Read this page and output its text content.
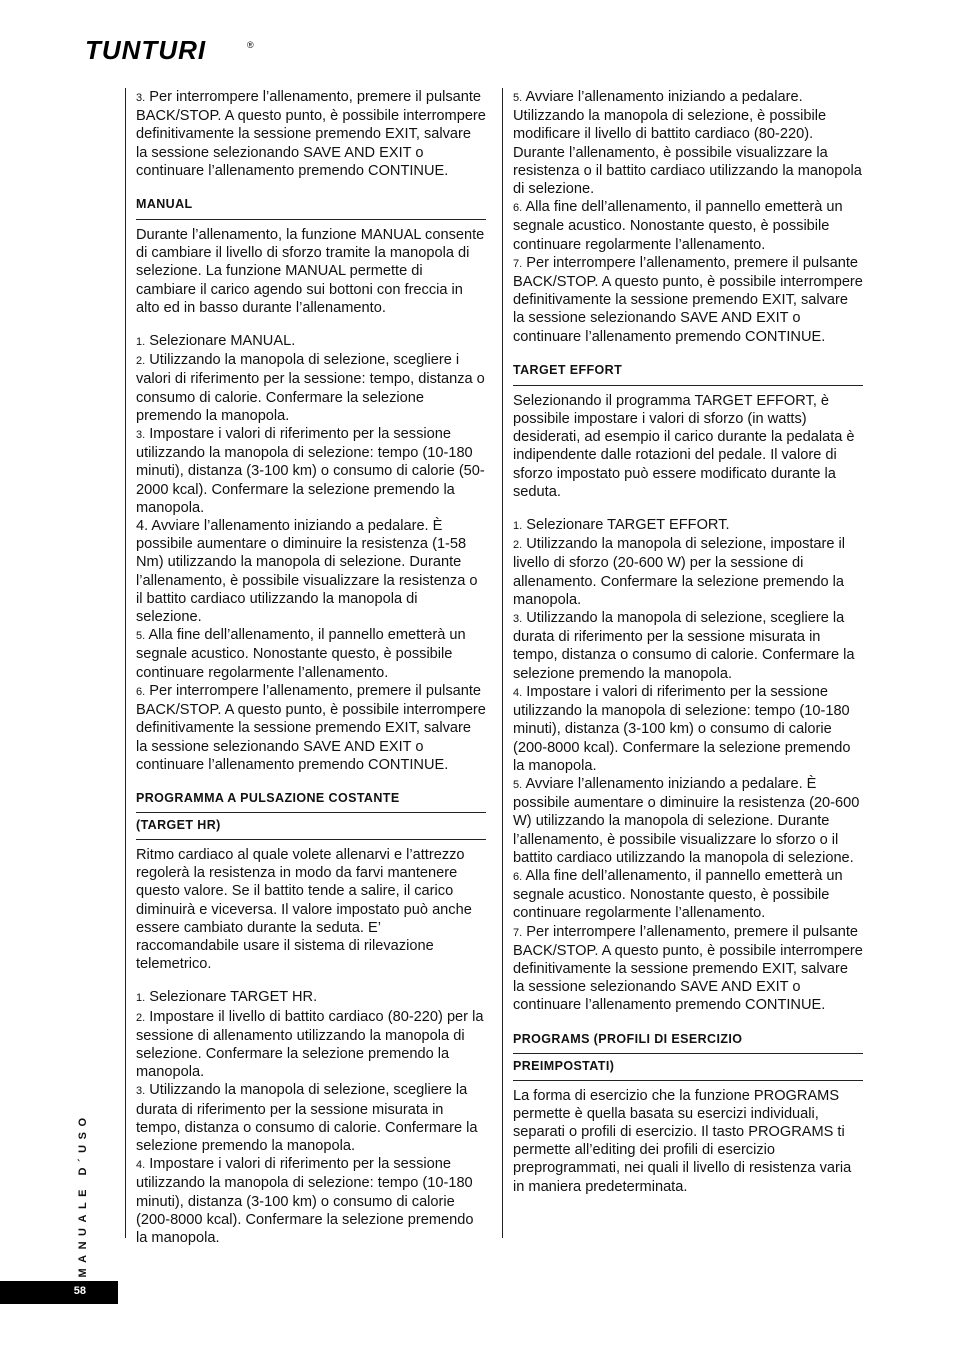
TUNTURI	®

3. Per interrompere l’allenamento, premere il pulsante BACK/STOP. A questo punto, è possibile interrompere definitivamente la sessione premendo EXIT, salvare la sessione selezionando SAVE AND EXIT o continuare l’allenamento premendo CONTINUE.

MANUAL

Durante l’allenamento, la funzione MANUAL consente di cambiare il livello di sforzo tramite la manopola di selezione. La funzione MANUAL permette di cambiare il carico agendo sui bottoni con freccia in alto ed in basso durante l’allenamento.

1. Selezionare MANUAL.

2. Utilizzando la manopola di selezione, scegliere i valori di riferimento per la sessione: tempo, distanza o consumo di calorie. Confermare la selezione premendo la manopola.

3. Impostare i valori di riferimento per la sessione utilizzando la manopola di selezione: tempo (10-180 minuti), distanza (3-100 km) o consumo di calorie (50-2000 kcal). Confermare la selezione premendo la manopola.

4. Avviare l’allenamento iniziando a pedalare. È possibile aumentare o diminuire la resistenza (1-58 Nm) utilizzando la manopola di selezione. Durante l’allenamento, è possibile visualizzare la resistenza o il battito cardiaco utilizzando la manopola di selezione.

5. Alla fine dell’allenamento, il pannello emetterà un segnale acustico. Nonostante questo, è possibile continuare regolarmente l’allenamento.

6. Per interrompere l’allenamento, premere il pulsante BACK/STOP. A questo punto, è possibile interrompere definitivamente la sessione premendo EXIT, salvare la sessione selezionando SAVE AND EXIT o continuare l’allenamento premendo CONTINUE.

PROGRAMMA A PULSAZIONE COSTANTE
(TARGET HR)

Ritmo cardiaco al quale volete allenarvi e l’attrezzo regolerà la resistenza in modo da farvi mantenere questo valore. Se il battito tende a salire, il carico diminuirà e viceversa. Il valore impostato può anche essere cambiato durante la seduta. E’ raccomandabile usare il sistema di rilevazione telemetrico.

1. Selezionare TARGET HR.

2. Impostare il livello di battito cardiaco (80-220) per la sessione di allenamento utilizzando la manopola di selezione. Confermare la selezione premendo la manopola.

3. Utilizzando la manopola di selezione, scegliere la durata di riferimento per la sessione misurata in tempo, distanza o consumo di calorie. Confermare la selezione premendo la manopola.

4. Impostare i valori di riferimento per la sessione utilizzando la manopola di selezione: tempo (10-180 minuti), distanza (3-100 km) o consumo di calorie (200-8000 kcal). Confermare la selezione premendo la manopola.

5. Avviare l’allenamento iniziando a pedalare. Utilizzando la manopola di selezione, è possibile modificare il livello di battito cardiaco (80-220). Durante l’allenamento, è possibile visualizzare la resistenza o il battito cardiaco utilizzando la manopola di selezione.

6. Alla fine dell’allenamento, il pannello emetterà un segnale acustico. Nonostante questo, è possibile continuare regolarmente l’allenamento.

7. Per interrompere l’allenamento, premere il pulsante BACK/STOP. A questo punto, è possibile interrompere definitivamente la sessione premendo EXIT, salvare la sessione selezionando SAVE AND EXIT o continuare l’allenamento premendo CONTINUE.

TARGET EFFORT

Selezionando il programma TARGET EFFORT, è possibile impostare i valori di sforzo (in watts) desiderati, ad esempio il carico durante la pedalata è indipendente dalle rotazioni del pedale. Il valore di sforzo impostato può essere modificato durante la seduta.

1. Selezionare TARGET EFFORT.

2. Utilizzando la manopola di selezione, impostare il livello di sforzo (20-600 W) per la sessione di allenamento. Confermare la selezione premendo la manopola.

3. Utilizzando la manopola di selezione, scegliere la durata di riferimento per la sessione misurata in tempo, distanza o consumo di calorie. Confermare la selezione premendo la manopola.

4. Impostare i valori di riferimento per la sessione utilizzando la manopola di selezione: tempo (10-180 minuti), distanza (3-100 km) o consumo di calorie (200-8000 kcal). Confermare la selezione premendo la manopola.

5. Avviare l’allenamento iniziando a pedalare. È possibile aumentare o diminuire la resistenza (20-600 W) utilizzando la manopola di selezione. Durante l’allenamento, è possibile visualizzare lo sforzo o il battito cardiaco utilizzando la manopola di selezione.

6. Alla fine dell’allenamento, il pannello emetterà un segnale acustico. Nonostante questo, è possibile continuare regolarmente l’allenamento.

7. Per interrompere l’allenamento, premere il pulsante BACK/STOP. A questo punto, è possibile interrompere definitivamente la sessione premendo EXIT, salvare la sessione selezionando SAVE AND EXIT o continuare l’allenamento premendo CONTINUE.

PROGRAMS (PROFILI DI ESERCIZIO
PREIMPOSTATI)

La forma di esercizio che la funzione PROGRAMS permette è quella basata su esercizi individuali, separati o profili di esercizio. Il tasto PROGRAMS ti permette all’editing dei profili di esercizio preprogrammati, nei quali il livello di resistenza varia in maniera predeterminata.

MANUALE D´USO
58
